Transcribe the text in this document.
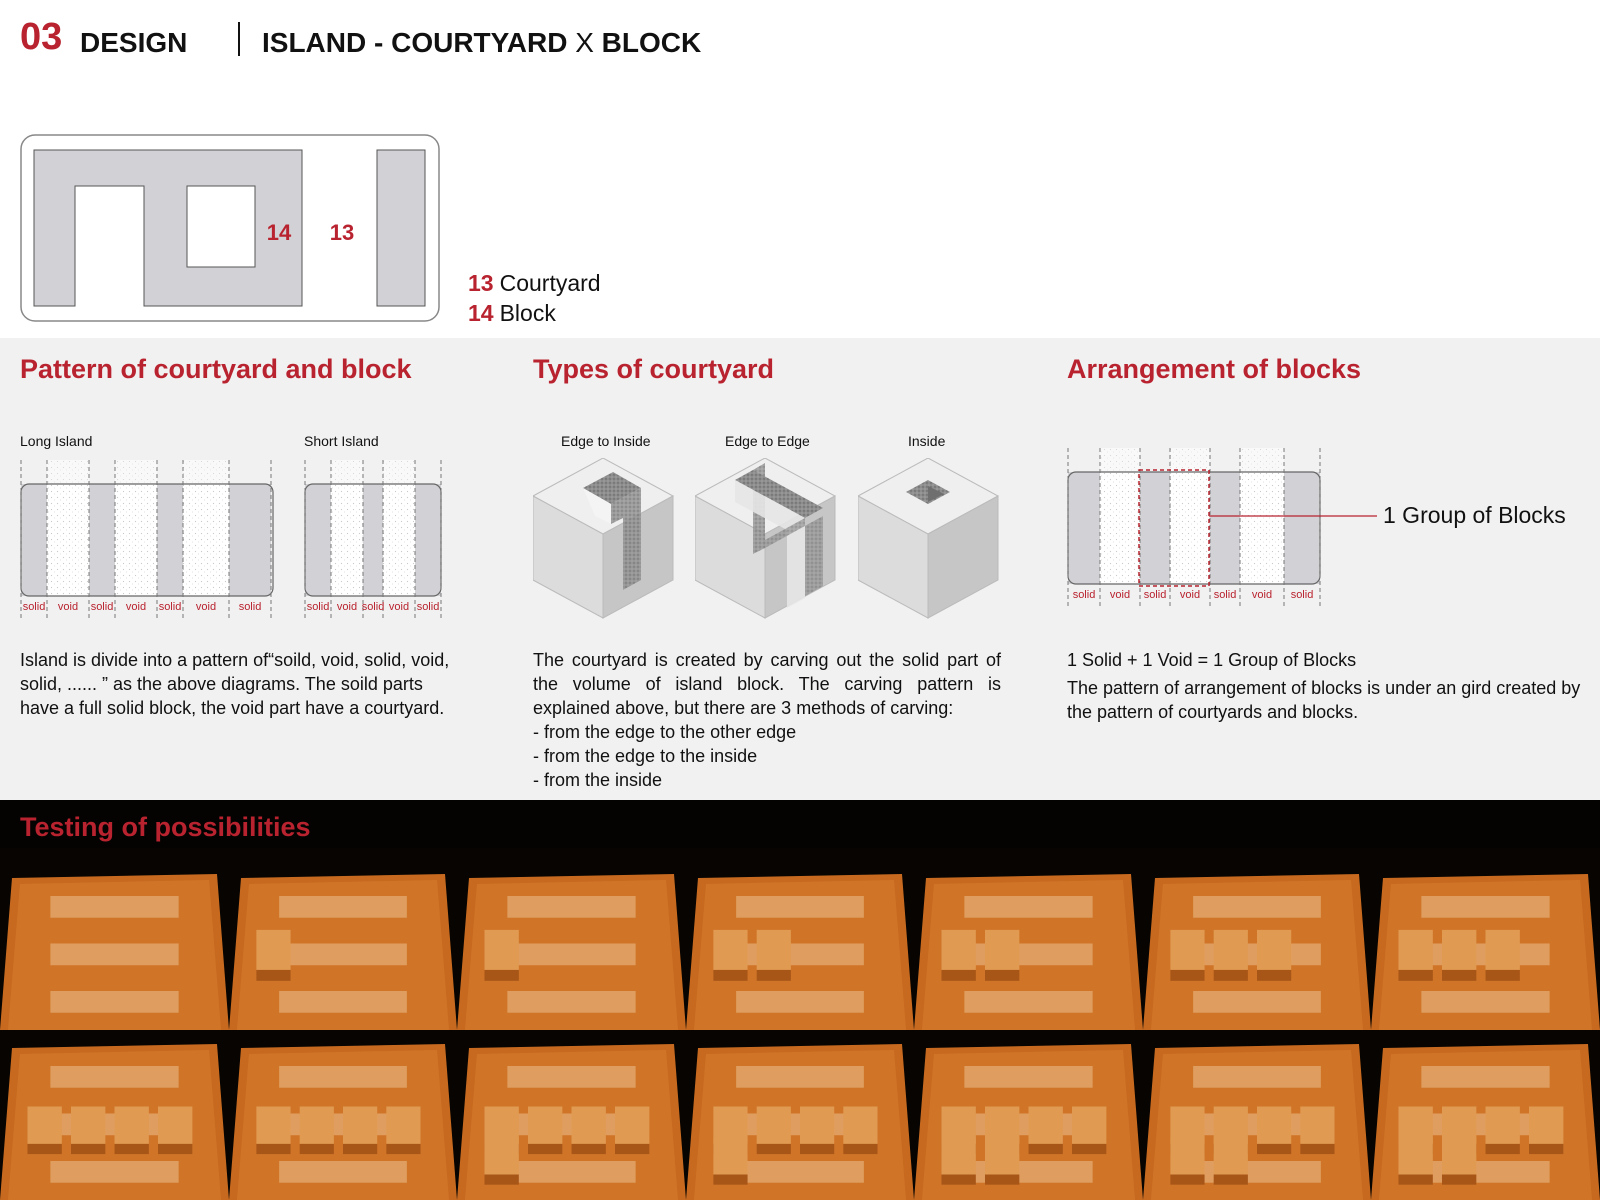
03 DESIGN	ISLAND - COURTYARD X BLOCK
14 13
13 Courtyard
14 Block
Pattern of courtyard and block	Types of courtyard	Arrangement of blocks
Long Island	Short Island
solid void solid void solid void solid	solid void solid void solid
Edge to Inside	Edge to Edge	Inside
solid void solid void solid void solid
1 Group of Blocks
Island is divide into a pattern of“soild, void, solid, void, solid, ...... ” as the above diagrams. The soild parts have a full solid block, the void part have a courtyard.
The courtyard is created by carving out the solid part of the volume of island block. The carving pattern is explained above, but there are 3 methods of carving:
- from the edge to the other edge
- from the edge to the inside
- from the inside
1 Solid + 1 Void = 1 Group of Blocks
The pattern of arrangement of blocks is under an gird created by the pattern of courtyards and blocks.
Testing of possibilities
